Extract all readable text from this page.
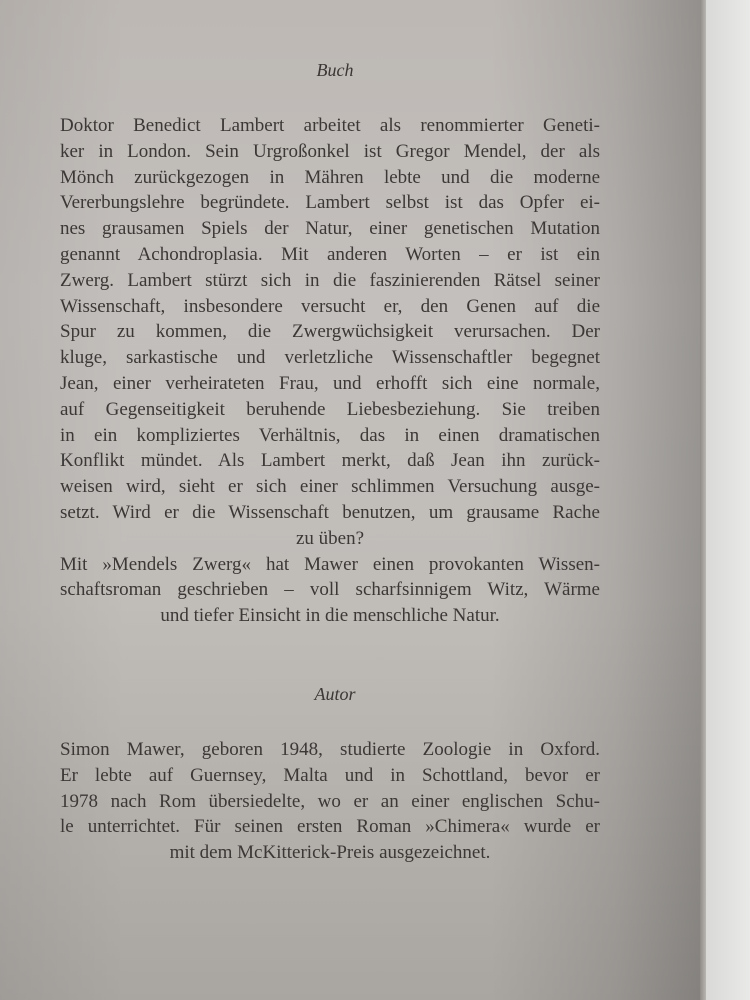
Buch
Doktor Benedict Lambert arbeitet als renommierter Geneti-
ker in London. Sein Urgroßonkel ist Gregor Mendel, der als
Mönch zurückgezogen in Mähren lebte und die moderne
Vererbungslehre begründete. Lambert selbst ist das Opfer ei-
nes grausamen Spiels der Natur, einer genetischen Mutation
genannt Achondroplasia. Mit anderen Worten – er ist ein
Zwerg. Lambert stürzt sich in die faszinierenden Rätsel seiner
Wissenschaft, insbesondere versucht er, den Genen auf die
Spur zu kommen, die Zwergwüchsigkeit verursachen. Der
kluge, sarkastische und verletzliche Wissenschaftler begegnet
Jean, einer verheirateten Frau, und erhofft sich eine normale,
auf Gegenseitigkeit beruhende Liebesbeziehung. Sie treiben
in ein kompliziertes Verhältnis, das in einen dramatischen
Konflikt mündet. Als Lambert merkt, daß Jean ihn zurück-
weisen wird, sieht er sich einer schlimmen Versuchung ausge-
setzt. Wird er die Wissenschaft benutzen, um grausame Rache
zu üben?
Mit »Mendels Zwerg« hat Mawer einen provokanten Wissen-
schaftsroman geschrieben – voll scharfsinnigem Witz, Wärme
und tiefer Einsicht in die menschliche Natur.
Autor
Simon Mawer, geboren 1948, studierte Zoologie in Oxford.
Er lebte auf Guernsey, Malta und in Schottland, bevor er
1978 nach Rom übersiedelte, wo er an einer englischen Schu-
le unterrichtet. Für seinen ersten Roman »Chimera« wurde er
mit dem McKitterick-Preis ausgezeichnet.
